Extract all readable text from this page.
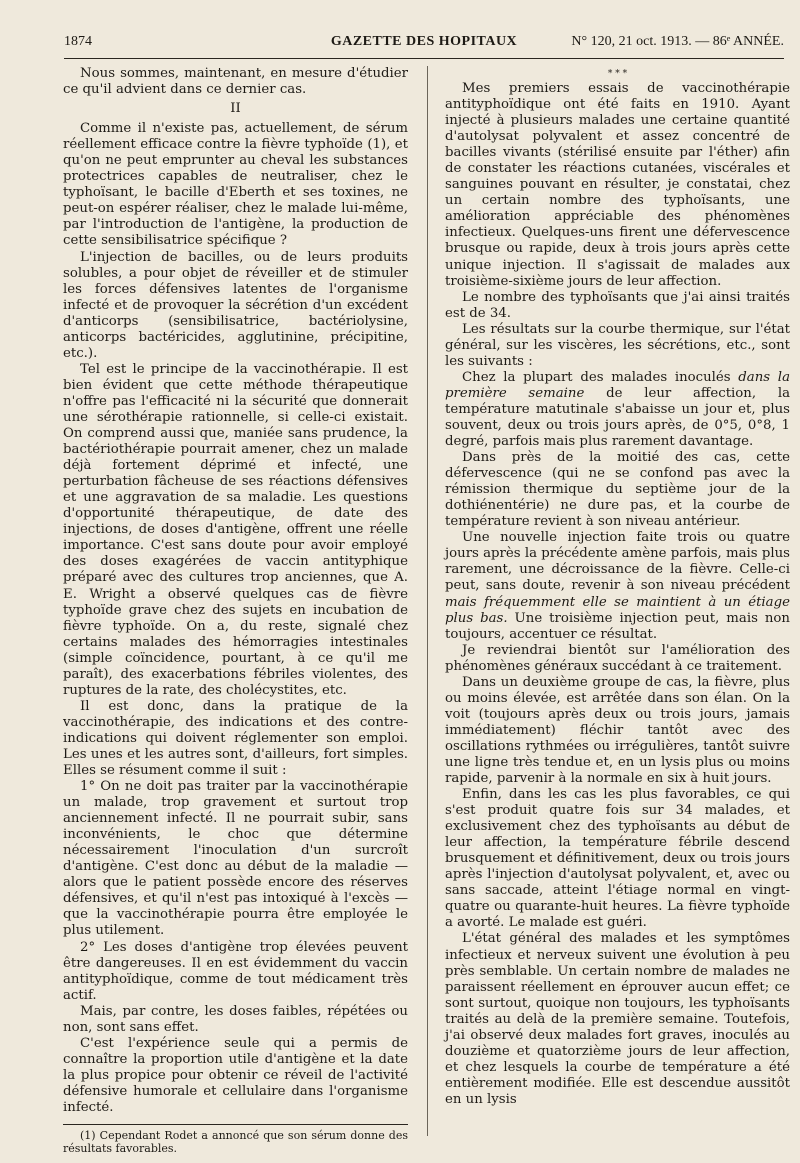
1874	GAZETTE DES HOPITAUX	N° 120, 21 oct. 1913. — 86ᵉ ANNÉE.

Nous sommes, maintenant, en mesure d'étudier ce qu'il advient dans ce dernier cas.

II

Comme il n'existe pas, actuellement, de sérum réellement efficace contre la fièvre typhoïde (1), et qu'on ne peut emprunter au cheval les substances protectrices capables de neutraliser, chez le typhoïsant, le bacille d'Eberth et ses toxines, ne peut-on espérer réaliser, chez le malade lui-même, par l'introduction de l'antigène, la production de cette sensibilisatrice spécifique ?

L'injection de bacilles, ou de leurs produits solubles, a pour objet de réveiller et de stimuler les forces défensives latentes de l'organisme infecté et de provoquer la sécrétion d'un excédent d'anticorps (sensibilisatrice, bactériolysine, anticorps bactéricides, agglutinine, précipitine, etc.).

Tel est le principe de la vaccinothérapie. Il est bien évident que cette méthode thérapeutique n'offre pas l'efficacité ni la sécurité que donnerait une sérothérapie rationnelle, si celle-ci existait. On comprend aussi que, maniée sans prudence, la bactériothérapie pourrait amener, chez un malade déjà fortement déprimé et infecté, une perturbation fâcheuse de ses réactions défensives et une aggravation de sa maladie. Les questions d'opportunité thérapeutique, de date des injections, de doses d'antigène, offrent une réelle importance. C'est sans doute pour avoir employé des doses exagérées de vaccin antityphique préparé avec des cultures trop anciennes, que A. E. Wright a observé quelques cas de fièvre typhoïde grave chez des sujets en incubation de fièvre typhoïde. On a, du reste, signalé chez certains malades des hémorragies intestinales (simple coïncidence, pourtant, à ce qu'il me paraît), des exacerbations fébriles violentes, des ruptures de la rate, des cholécystites, etc.

Il est donc, dans la pratique de la vaccinothérapie, des indications et des contre-indications qui doivent réglementer son emploi. Les unes et les autres sont, d'ailleurs, fort simples. Elles se résument comme il suit :

1° On ne doit pas traiter par la vaccinothérapie un malade, trop gravement et surtout trop anciennement infecté. Il ne pourrait subir, sans inconvénients, le choc que détermine nécessairement l'inoculation d'un surcroît d'antigène. C'est donc au début de la maladie — alors que le patient possède encore des réserves défensives, et qu'il n'est pas intoxiqué à l'excès — que la vaccinothérapie pourra être employée le plus utilement.

2° Les doses d'antigène trop élevées peuvent être dangereuses. Il en est évidemment du vaccin antityphoïdique, comme de tout médicament très actif.

Mais, par contre, les doses faibles, répétées ou non, sont sans effet.

C'est l'expérience seule qui a permis de connaître la proportion utile d'antigène et la date la plus propice pour obtenir ce réveil de l'activité défensive humorale et cellulaire dans l'organisme infecté.

(1) Cependant Rodet a annoncé que son sérum donne des résultats favorables.

* * *

Mes premiers essais de vaccinothérapie antityphoïdique ont été faits en 1910. Ayant injecté à plusieurs malades une certaine quantité d'autolysat polyvalent et assez concentré de bacilles vivants (stérilisé ensuite par l'éther) afin de constater les réactions cutanées, viscérales et sanguines pouvant en résulter, je constatai, chez un certain nombre des typhoïsants, une amélioration appréciable des phénomènes infectieux. Quelques-uns firent une défervescence brusque ou rapide, deux à trois jours après cette unique injection. Il s'agissait de malades aux troisième-sixième jours de leur affection.

Le nombre des typhoïsants que j'ai ainsi traités est de 34.

Les résultats sur la courbe thermique, sur l'état général, sur les viscères, les sécrétions, etc., sont les suivants :

Chez la plupart des malades inoculés dans la première semaine de leur affection, la température matutinale s'abaisse un jour et, plus souvent, deux ou trois jours après, de 0°5, 0°8, 1 degré, parfois mais plus rarement davantage.

Dans près de la moitié des cas, cette défervescence (qui ne se confond pas avec la rémission thermique du septième jour de la dothiénentérie) ne dure pas, et la courbe de température revient à son niveau antérieur.

Une nouvelle injection faite trois ou quatre jours après la précédente amène parfois, mais plus rarement, une décroissance de la fièvre. Celle-ci peut, sans doute, revenir à son niveau précédent mais fréquemment elle se maintient à un étiage plus bas. Une troisième injection peut, mais non toujours, accentuer ce résultat.

Je reviendrai bientôt sur l'amélioration des phénomènes généraux succédant à ce traitement.

Dans un deuxième groupe de cas, la fièvre, plus ou moins élevée, est arrêtée dans son élan. On la voit (toujours après deux ou trois jours, jamais immédiatement) fléchir tantôt avec des oscillations rythmées ou irrégulières, tantôt suivre une ligne très tendue et, en un lysis plus ou moins rapide, parvenir à la normale en six à huit jours.

Enfin, dans les cas les plus favorables, ce qui s'est produit quatre fois sur 34 malades, et exclusivement chez des typhoïsants au début de leur affection, la température fébrile descend brusquement et définitivement, deux ou trois jours après l'injection d'autolysat polyvalent, et, avec ou sans saccade, atteint l'étiage normal en vingt-quatre ou quarante-huit heures. La fièvre typhoïde a avorté. Le malade est guéri.

L'état général des malades et les symptômes infectieux et nerveux suivent une évolution à peu près semblable. Un certain nombre de malades ne paraissent réellement en éprouver aucun effet; ce sont surtout, quoique non toujours, les typhoïsants traités au delà de la première semaine. Toutefois, j'ai observé deux malades fort graves, inoculés au douzième et quatorzième jours de leur affection, et chez lesquels la courbe de température a été entièrement modifiée. Elle est descendue aussitôt en un lysis
